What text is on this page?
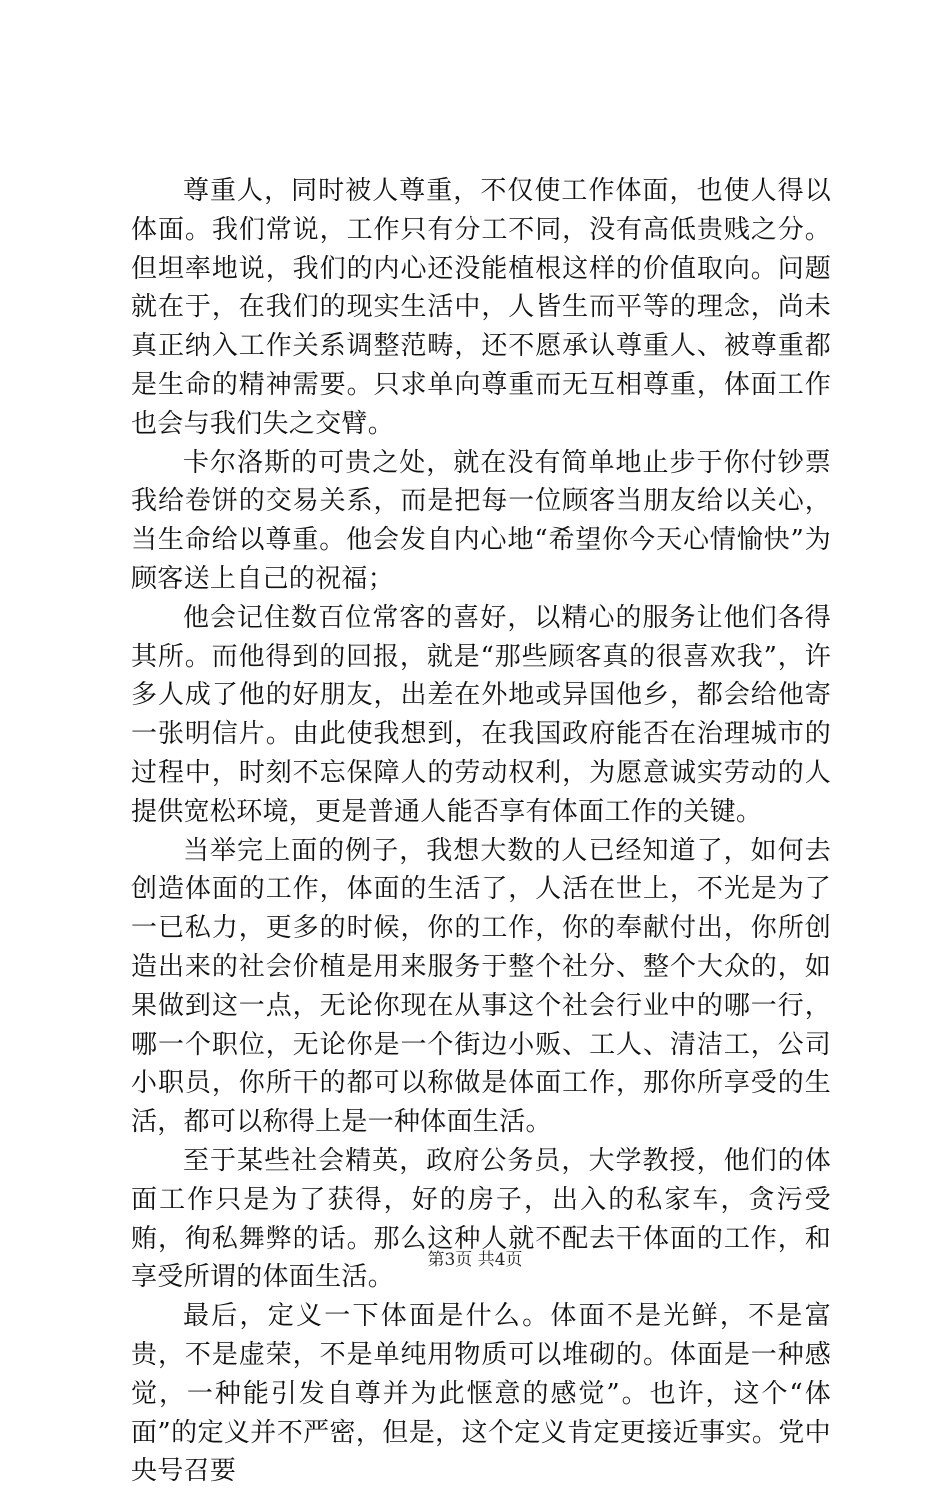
尊重人，同时被人尊重，不仅使工作体面，也使人得以体面。我们常说，工作只有分工不同，没有高低贵贱之分。但坦率地说，我们的内心还没能植根这样的价值取向。问题就在于，在我们的现实生活中，人皆生而平等的理念，尚未真正纳入工作关系调整范畴，还不愿承认尊重人、被尊重都是生命的精神需要。只求单向尊重而无互相尊重，体面工作也会与我们失之交臂。

卡尔洛斯的可贵之处，就在没有简单地止步于你付钞票我给卷饼的交易关系，而是把每一位顾客当朋友给以关心，当生命给以尊重。他会发自内心地“希望你今天心情愉快”为顾客送上自己的祝福；

他会记住数百位常客的喜好，以精心的服务让他们各得其所。而他得到的回报，就是“那些顾客真的很喜欢我”，许多人成了他的好朋友，出差在外地或异国他乡，都会给他寄一张明信片。由此使我想到，在我国政府能否在治理城市的过程中，时刻不忘保障人的劳动权利，为愿意诚实劳动的人提供宽松环境，更是普通人能否享有体面工作的关键。

当举完上面的例子，我想大数的人已经知道了，如何去创造体面的工作，体面的生活了，人活在世上，不光是为了一已私力，更多的时候，你的工作，你的奉献付出，你所创造出来的社会价植是用来服务于整个社分、整个大众的，如果做到这一点，无论你现在从事这个社会行业中的哪一行，哪一个职位，无论你是一个街边小贩、工人、清洁工，公司小职员，你所干的都可以称做是体面工作，那你所享受的生活，都可以称得上是一种体面生活。

至于某些社会精英，政府公务员，大学教授，他们的体面工作只是为了获得，好的房子，出入的私家车，贪污受贿，徇私舞弊的话。那么这种人就不配去干体面的工作，和享受所谓的体面生活。

最后，定义一下体面是什么。体面不是光鲜，不是富贵，不是虚荣，不是单纯用物质可以堆砌的。体面是一种感觉，一种能引发自尊并为此惬意的感觉”。也许，这个“体面”的定义并不严密，但是，这个定义肯定更接近事实。党中央号召要

第3页 共4页
